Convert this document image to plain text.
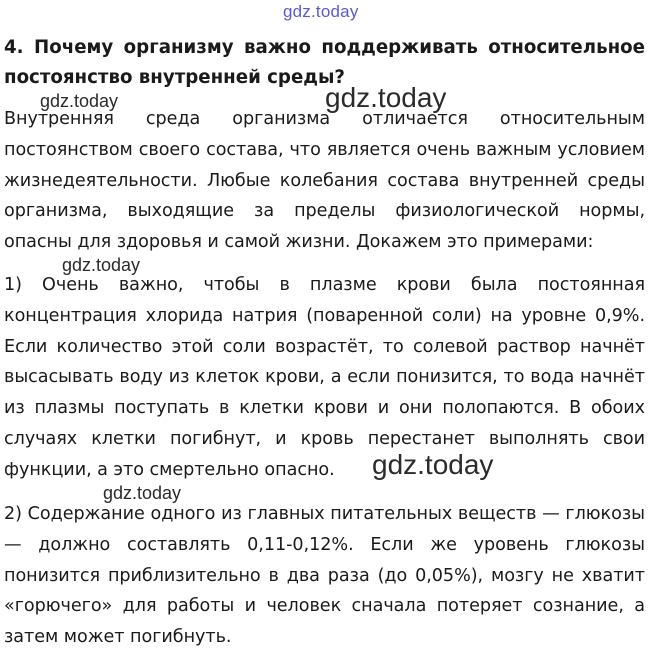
gdz.today
4. Почему организму важно поддерживать относительное постоянство внутренней среды?

Внутренняя среда организма отличается относительным постоянством своего состава, что является очень важным условием жизнедеятельности. Любые колебания состава внутренней среды организма, выходящие за пределы физиологической нормы, опасны для здоровья и самой жизни. Докажем это примерами:

1) Очень важно, чтобы в плазме крови была постоянная концентрация хлорида натрия (поваренной соли) на уровне 0,9%. Если количество этой соли возрастёт, то солевой раствор начнёт высасывать воду из клеток крови, а если понизится, то вода начнёт из плазмы поступать в клетки крови и они полопаются. В обоих случаях клетки погибнут, и кровь перестанет выполнять свои функции, а это смертельно опасно.

2) Содержание одного из главных питательных веществ — глюкозы — должно составлять 0,11-0,12%. Если же уровень глюкозы понизится приблизительно в два раза (до 0,05%), мозгу не хватит «горючего» для работы и человек сначала потеряет сознание, а затем может погибнуть.

gdz.today	gdz.today
gdz.today
gdz.today
gdz.today
